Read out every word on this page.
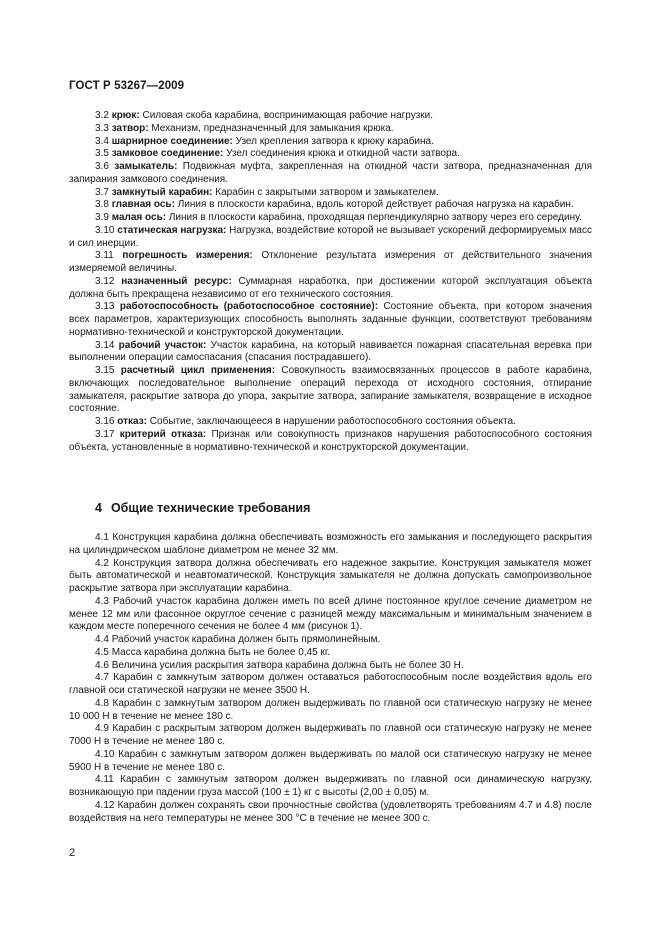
ГОСТ Р 53267—2009

3.2 крюк: Силовая скоба карабина, воспринимающая рабочие нагрузки.

3.3 затвор: Механизм, предназначенный для замыкания крюка.

3.4 шарнирное соединение: Узел крепления затвора к крюку карабина.

3.5 замковое соединение: Узел соединения крюка и откидной части затвора.

3.6 замыкатель: Подвижная муфта, закрепленная на откидной части затвора, предназначенная для запирания замкового соединения.

3.7 замкнутый карабин: Карабин с закрытыми затвором и замыкателем.

3.8 главная ось: Линия в плоскости карабина, вдоль которой действует рабочая нагрузка на карабин.

3.9 малая ось: Линия в плоскости карабина, проходящая перпендикулярно затвору через его середину.

3.10 статическая нагрузка: Нагрузка, воздействие которой не вызывает ускорений деформируемых масс и сил инерции.

3.11 погрешность измерения: Отклонение результата измерения от действительного значения измеряемой величины.

3.12 назначенный ресурс: Суммарная наработка, при достижении которой эксплуатация объекта должна быть прекращена независимо от его технического состояния.

3.13 работоспособность (работоспособное состояние): Состояние объекта, при котором значения всех параметров, характеризующих способность выполнять заданные функции, соответствуют требованиям нормативно-технической и конструкторской документации.

3.14 рабочий участок: Участок карабина, на который навивается пожарная спасательная веревка при выполнении операции самоспасания (спасания пострадавшего).

3.15 расчетный цикл применения: Совокупность взаимосвязанных процессов в работе карабина, включающих последовательное выполнение операций перехода от исходного состояния, отпирание замыкателя, раскрытие затвора до упора, закрытие затвора, запирание замыкателя, возвращение в исходное состояние.

3.16 отказ: Событие, заключающееся в нарушении работоспособного состояния объекта.

3.17 критерий отказа: Признак или совокупность признаков нарушения работоспособного состояния объекта, установленные в нормативно-технической и конструкторской документации.

4 Общие технические требования

4.1 Конструкция карабина должна обеспечивать возможность его замыкания и последующего раскрытия на цилиндрическом шаблоне диаметром не менее 32 мм.

4.2 Конструкция затвора должна обеспечивать его надежное закрытие. Конструкция замыкателя может быть автоматической и неавтоматической. Конструкция замыкателя не должна допускать самопроизвольное раскрытие затвора при эксплуатации карабина.

4.3 Рабочий участок карабина должен иметь по всей длине постоянное круглое сечение диаметром не менее 12 мм или фасонное округлое сечение с разницей между максимальным и минимальным значением в каждом месте поперечного сечения не более 4 мм (рисунок 1).

4.4 Рабочий участок карабина должен быть прямолинейным.

4.5 Масса карабина должна быть не более 0,45 кг.

4.6 Величина усилия раскрытия затвора карабина должна быть не более 30 Н.

4.7 Карабин с замкнутым затвором должен оставаться работоспособным после воздействия вдоль его главной оси статической нагрузки не менее 3500 Н.

4.8 Карабин с замкнутым затвором должен выдерживать по главной оси статическую нагрузку не менее 10 000 Н в течение не менее 180 с.

4.9 Карабин с раскрытым затвором должен выдерживать по главной оси статическую нагрузку не менее 7000 Н в течение не менее 180 с.

4.10 Карабин с замкнутым затвором должен выдерживать по малой оси статическую нагрузку не менее 5900 Н в течение не менее 180 с.

4.11 Карабин с замкнутым затвором должен выдерживать по главной оси динамическую нагрузку, возникающую при падении груза массой (100 ± 1) кг с высоты (2,00 ± 0,05) м.

4.12 Карабин должен сохранять свои прочностные свойства (удовлетворять требованиям 4.7 и 4.8) после воздействия на него температуры не менее 300 °С в течение не менее 300 с.

2
